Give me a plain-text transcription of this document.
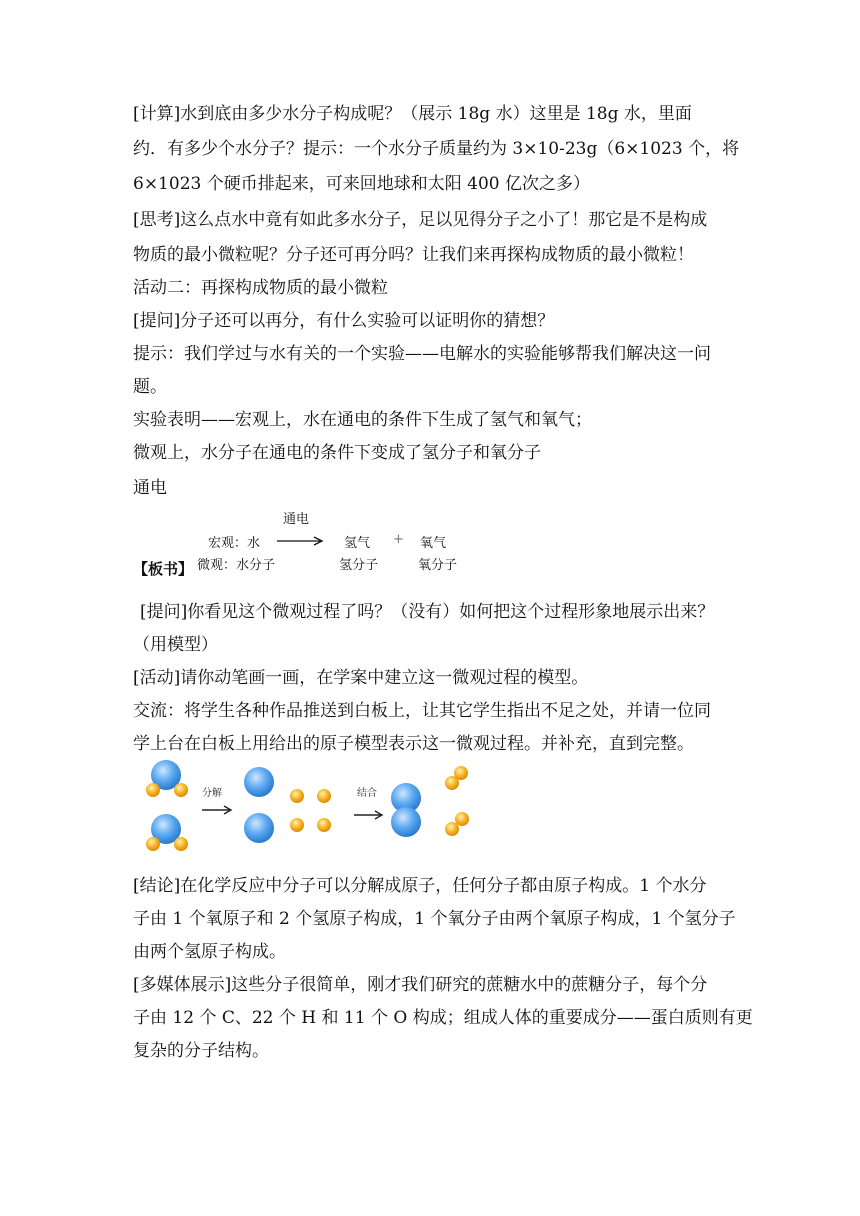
[计算]水到底由多少水分子构成呢？（展示 18g 水）这里是 18g 水，里面
约．有多少个水分子？提示：一个水分子质量约为 3×10-23g（6×1023 个，将
6×1023 个硬币排起来，可来回地球和太阳 400 亿次之多）
[思考]这么点水中竟有如此多水分子，足以见得分子之小了！那它是不是构成
物质的最小微粒呢？分子还可再分吗？让我们来再探构成物质的最小微粒！
活动二：再探构成物质的最小微粒
[提问]分子还可以再分，有什么实验可以证明你的猜想？
提示：我们学过与水有关的一个实验——电解水的实验能够帮我们解决这一问
题。
实验表明——宏观上，水在通电的条件下生成了氢气和氧气；
微观上，水分子在通电的条件下变成了氢分子和氧分子
通电
通电
宏观：水 → 氢气 + 氧气
【板书】 微观：水分子	氢分子	氧分子
[提问]你看见这个微观过程了吗？（没有）如何把这个过程形象地展示出来？
（用模型）
[活动]请你动笔画一画，在学案中建立这一微观过程的模型。
交流：将学生各种作品推送到白板上，让其它学生指出不足之处，并请一位同
学上台在白板上用给出的原子模型表示这一微观过程。并补充，直到完整。
分解	结合
[结论]在化学反应中分子可以分解成原子，任何分子都由原子构成。1 个水分
子由 1 个氧原子和 2 个氢原子构成，1 个氧分子由两个氧原子构成，1 个氢分子
由两个氢原子构成。
[多媒体展示]这些分子很简单，刚才我们研究的蔗糖水中的蔗糖分子，每个分
子由 12 个 C、22 个 H 和 11 个 O 构成；组成人体的重要成分——蛋白质则有更
复杂的分子结构。
